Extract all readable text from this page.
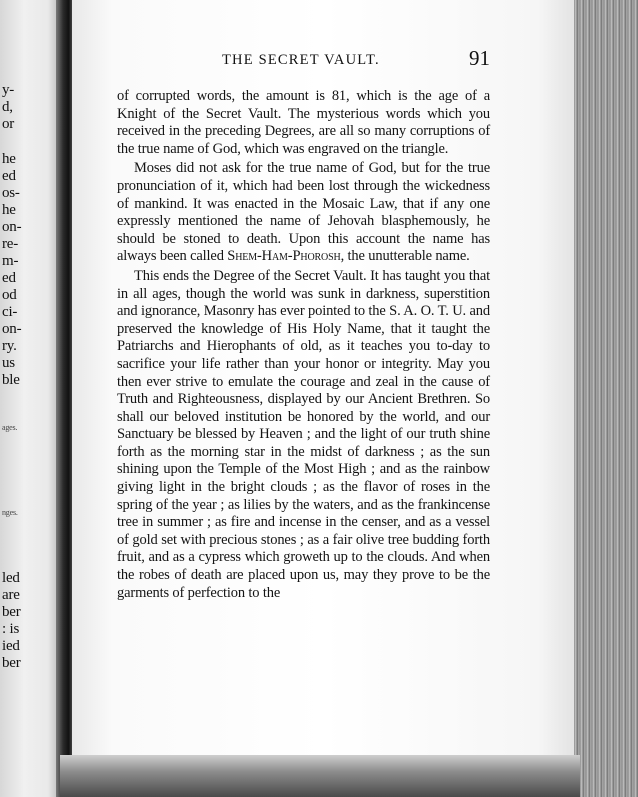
y-
d,
or
he
ed
os-
he
on-
re-
m-
ed
od
ci-
on-
ry.
us
ble
ages.
nges.
led
are
ber
: is
ied
ber
THE SECRET VAULT.	91

of corrupted words, the amount is 81, which is the age of a Knight of the Secret Vault. The mysterious words which you received in the preceding Degrees, are all so many corruptions of the true name of God, which was engraved on the triangle.

Moses did not ask for the true name of God, but for the true pronunciation of it, which had been lost through the wickedness of mankind. It was enacted in the Mosaic Law, that if any one expressly mentioned the name of Jehovah blasphemously, he should be stoned to death. Upon this account the name has always been called Shem-Ham-Phorosh, the unutterable name.

This ends the Degree of the Secret Vault. It has taught you that in all ages, though the world was sunk in darkness, superstition and ignorance, Masonry has ever pointed to the S. A. O. T. U. and preserved the knowledge of His Holy Name, that it taught the Patriarchs and Hierophants of old, as it teaches you to-day to sacrifice your life rather than your honor or integrity. May you then ever strive to emulate the courage and zeal in the cause of Truth and Righteousness, displayed by our Ancient Brethren. So shall our beloved institution be honored by the world, and our Sanctuary be blessed by Heaven ; and the light of our truth shine forth as the morning star in the midst of darkness ; as the sun shining upon the Temple of the Most High ; and as the rainbow giving light in the bright clouds ; as the flavor of roses in the spring of the year ; as lilies by the waters, and as the frankincense tree in summer ; as fire and incense in the censer, and as a vessel of gold set with precious stones ; as a fair olive tree budding forth fruit, and as a cypress which groweth up to the clouds. And when the robes of death are placed upon us, may they prove to be the garments of perfection to the
